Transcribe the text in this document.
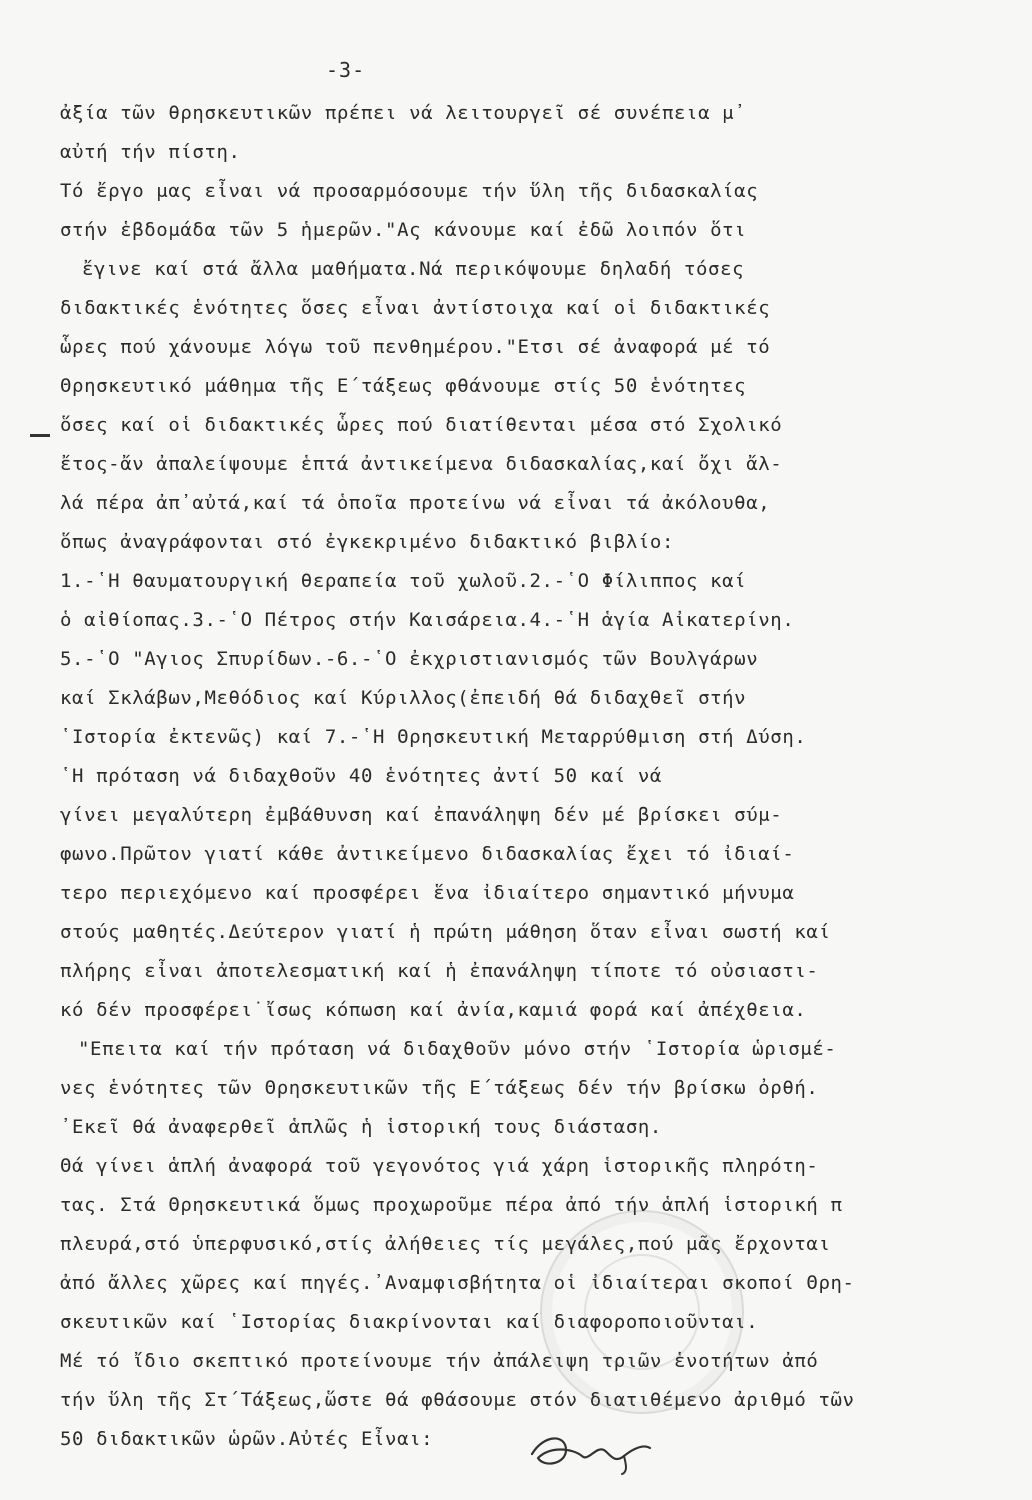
-3-
ἀξία τῶν θρησκευτικῶν πρέπει νά λειτουργεῖ σέ συνέπεια μ᾽
αὐτή τήν πίστη.
Τό ἔργο μας εἶναι νά προσαρμόσουμε τήν ὕλη τῆς διδασκαλίας
στήν ἑβδομάδα τῶν 5 ἡμερῶν."Ας κάνουμε καί ἐδῶ λοιπόν ὅτι
ἔγινε καί στά ἄλλα μαθήματα.Νά περικόψουμε δηλαδή τόσες
διδακτικές ἑνότητες ὅσες εἶναι ἀντίστοιχα καί οἱ διδακτικές
ὧρες πού χάνουμε λόγω τοῦ πενθημέρου."Ετσι σέ ἀναφορά μέ τό
Θρησκευτικό μάθημα τῆς Ε΄τάξεως φθάνουμε στίς 50 ἑνότητες
ὅσες καί οἱ διδακτικές ὧρες πού διατίθενται μέσα στό Σχολικό
ἔτος-ἄν ἀπαλείψουμε ἑπτά ἀντικείμενα διδασκαλίας,καί ὄχι ἄλ-
λά πέρα ἀπ᾽αὐτά,καί τά ὁποῖα προτείνω νά εἶναι τά ἀκόλουθα,
ὅπως ἀναγράφονται στό ἐγκεκριμένο διδακτικό βιβλίο:
1.-῾Η θαυματουργική θεραπεία τοῦ χωλοῦ.2.-῾Ο Φίλιππος καί
ὁ αἰθίοπας.3.-῾Ο Πέτρος στήν Καισάρεια.4.-῾Η ἁγία Αἰκατερίνη.
5.-῾Ο "Αγιος Σπυρίδων.-6.-῾Ο ἐκχριστιανισμός τῶν Βουλγάρων
καί Σκλάβων,Μεθόδιος καί Κύριλλος(ἐπειδή θά διδαχθεῖ στήν
῾Ιστορία ἐκτενῶς) καί 7.-῾Η Θρησκευτική Μεταρρύθμιση στή Δύση.
῾Η πρόταση νά διδαχθοῦν 40 ἑνότητες ἀντί 50 καί νά
γίνει μεγαλύτερη ἐμβάθυνση καί ἐπανάληψη δέν μέ βρίσκει σύμ-
φωνο.Πρῶτον γιατί κάθε ἀντικείμενο διδασκαλίας ἔχει τό ἰδιαί-
τερο περιεχόμενο καί προσφέρει ἕνα ἰδιαίτερο σημαντικό μήνυμα
στούς μαθητές.Δεύτερον γιατί ἡ πρώτη μάθηση ὅταν εἶναι σωστή καί
πλήρης εἶναι ἀποτελεσματική καί ἡ ἐπανάληψη τίποτε τό οὐσιαστι-
κό δέν προσφέρει˙ἴσως κόπωση καί ἀνία,καμιά φορά καί ἀπέχθεια.
"Επειτα καί τήν πρόταση νά διδαχθοῦν μόνο στήν ῾Ιστορία ὡρισμέ-
νες ἑνότητες τῶν Θρησκευτικῶν τῆς Ε΄τάξεως δέν τήν βρίσκω ὀρθή.
᾽Εκεῖ θά ἀναφερθεῖ ἁπλῶς ἡ ἱστορική τους διάσταση.
Θά γίνει ἁπλή ἀναφορά τοῦ γεγονότος γιά χάρη ἱστορικῆς πληρότη-
τας. Στά Θρησκευτικά ὅμως προχωροῦμε πέρα ἀπό τήν ἁπλή ἱστορική π
πλευρά,στό ὑπερφυσικό,στίς ἀλήθειες τίς μεγάλες,πού μᾶς ἔρχονται
ἀπό ἄλλες χῶρες καί πηγές.᾽Αναμφισβήτητα οἱ ἰδιαίτεραι σκοποί Θρη-
σκευτικῶν καί ῾Ιστορίας διακρίνονται καί διαφοροποιοῦνται.
Μέ τό ἴδιο σκεπτικό προτείνουμε τήν ἀπάλειψη τριῶν ἑνοτήτων ἀπό
τήν ὕλη τῆς Στ΄Τάξεως,ὥστε θά φθάσουμε στόν διατιθέμενο ἀριθμό τῶν
50 διδακτικῶν ὡρῶν.Αὐτές Εἶναι:
